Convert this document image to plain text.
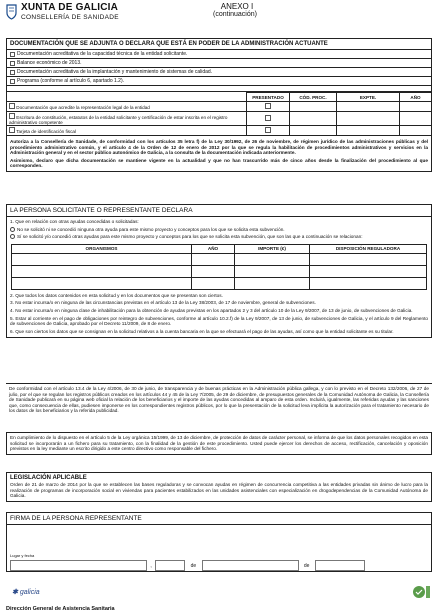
XUNTA DE GALICIA
CONSELLERÍA DE SANIDADE
ANEXO I
(continuación)
DOCUMENTACIÓN QUE SE ADJUNTA O DECLARA QUE ESTÁ EN PODER DE LA ADMINISTRACIÓN ACTUANTE
Documentación acreditativa de la capacidad técnica de la entidad solicitante.
Balance económico de 2013.
Documentación acreditativa de la implantación y mantenimiento de sistemas de calidad.
Programa (conforme al artículo 6, apartado 1.2).
	PRESENTADO	CÓD. PROC.	EXPTE.	AÑO
Documentación que acredite la representación legal de la entidad				
Escritura de constitución, estatutos de la entidad solicitante y certificación de estar inscrita en el registro administrativo competente				
Tarjeta de identificación fiscal				
Autoriza a la Consellería de Sanidade, de conformidad con los artículos 35 letra f) de la Ley 30/1992, de 26 de noviembre, de régimen jurídico de las administraciones públicas y del procedimiento administrativo común, y el artículo 4 de la Orden de 12 de enero de 2012 por la que se regula la habilitación de procedimientos administrativos y servicios en la Administración general y en el sector público autonómico de Galicia, a la consulta de la documentación indicada anteriormente.
Asimismo, declaro que dicha documentación se mantiene vigente en la actualidad y que no han trascurrido más de cinco años desde la finalización del procedimiento al que corresponden.
LA PERSONA SOLICITANTE O REPRESENTANTE DECLARA
1. Que en relación con otras ayudas concedidas o solicitadas:
No se solicitó ni se concedió ninguna otra ayuda para este mismo proyecto y conceptos para los que se solicita esta subvención.
Sí se solicitó y/o concedió otras ayudas para este mismo proyecto y conceptos para los que se solicita esta subvención, que son las que a continuación se relacionan:
ORGANISMOS	AÑO	IMPORTE (€)	DISPOSICIÓN REGULADORA

2. Que todos los datos contenidos en esta solicitud y en los documentos que se presentan son ciertos.
3. No estar incursa/o en ninguna de las circunstancias previstas en el artículo 13 de la Ley 38/2003, de 17 de noviembre, general de subvenciones.
4. No estar incursa/o en ninguna clase de inhabilitación para la obtención de ayudas previstas en los apartados 2 y 3 del artículo 10 de la Ley 9/2007, de 13 de junio, de subvenciones de Galicia.
5. Estar al corriente en el pago de obligaciones por reintegro de subvenciones, conforme al artículo 10.2.f) de la Ley 9/2007, de 13 de junio, de subvenciones de Galicia, y el artículo 9 del Reglamento de subvenciones de Galicia, aprobado por el Decreto 11/2009, de 8 de enero.
6. Que son ciertos los datos que se consignan en la solicitud relativos a la cuenta bancaria en la que se efectuará el pago de las ayudas, así como que la entidad solicitante es su titular.
De conformidad con el artículo 13.4 de la Ley 4/2006, de 30 de junio, de transparencia y de buenas prácticas en la Administración pública gallega, y con lo previsto en el Decreto 132/2006, de 27 de julio, por el que se regulan los registros públicos creados en los artículos 44 y 45 de la Ley 7/2005, de 29 de diciembre, de presupuestos generales de la Comunidad Autónoma de Galicia, la Consellería de Sanidade publicará en su página web oficial la relación de los beneficiarios y el importe de las ayudas concedidas al amparo de esta orden. Incluirá, igualmente, las referidas ayudas y las sanciones que, como consecuencia de ellas, pudiesen imponerse en los correspondientes registros públicos, por lo que la presentación de la solicitud leva implícita la autorización para el tratamiento necesario de los datos de los beneficiarios y la referida publicidad.
En cumplimiento de lo dispuesto en el artículo 5 de la Ley orgánica 15/1999, de 13 de diciembre, de protección de datos de carácter personal, se informa de que los datos personales recogidos en esta solicitud se incorporarán a un fichero para su tratamiento, con la finalidad de la gestión de este procedimiento. Usted puede ejercer los derechos de acceso, rectificación, cancelación y oposición previstos en la ley mediante un escrito dirigido a este centro directivo como responsable del fichero.
LEGISLACIÓN APLICABLE
Orden de 21 de marzo de 2014 por la que se establecen las bases reguladoras y se convocan ayudas en régimen de concurrencia competitiva a las entidades privadas sin ánimo de lucro para la realización de programas de incorporación social en viviendas para pacientes estabilizados en las unidades asistenciales con especialización en drogodependencias de la Comunidad Autónoma de Galicia.
FIRMA DE LA PERSONA REPRESENTANTE
Lugar y fecha
,	de	de
✱ galicia
Dirección General de Asistencia Sanitaria
